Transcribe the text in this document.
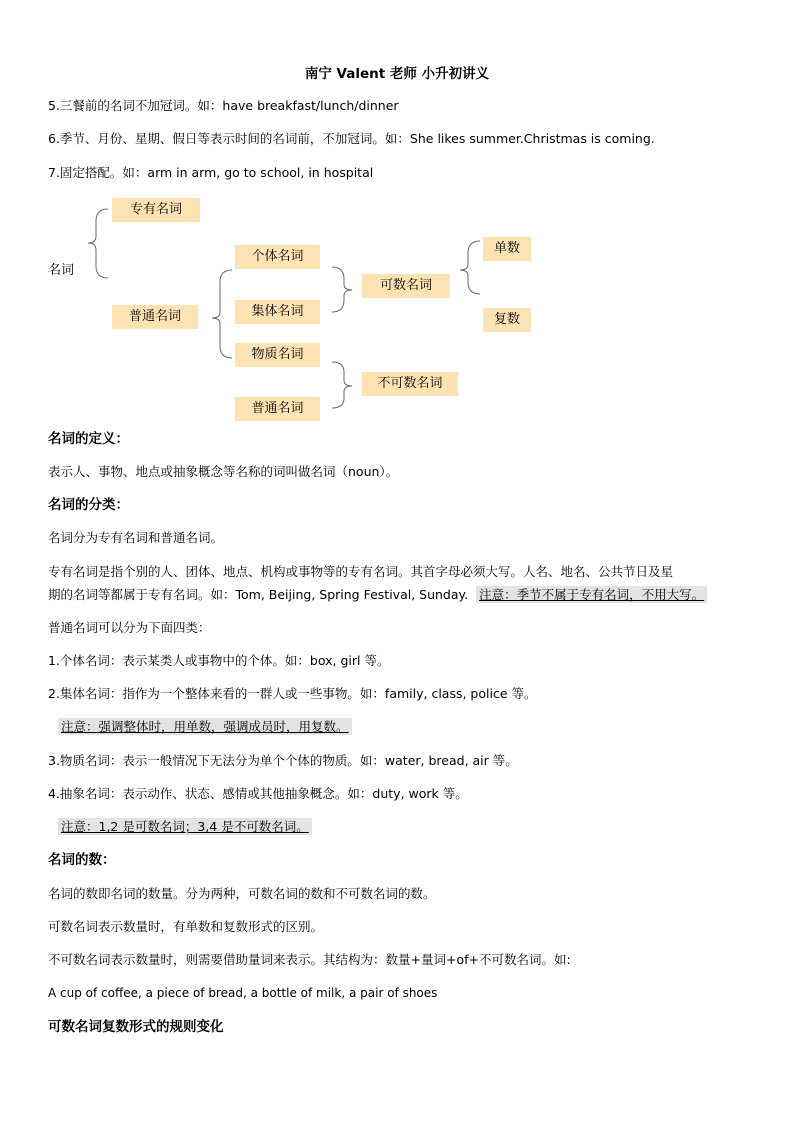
南宁 Valent 老师 小升初讲义
5.三餐前的名词不加冠词。如：have breakfast/lunch/dinner
6.季节、月份、星期、假日等表示时间的名词前，不加冠词。如：She likes summer.Christmas is coming.
7.固定搭配。如：arm in arm, go to school, in hospital
名词
专有名词
普通名词
个体名词
集体名词
物质名词
普通名词
可数名词
不可数名词
单数
复数
名词的定义：
表示人、事物、地点或抽象概念等名称的词叫做名词（noun）。
名词的分类：
名词分为专有名词和普通名词。
专有名词是指个别的人、团体、地点、机构或事物等的专有名词。其首字母必须大写。人名、地名、公共节日及星
期的名词等都属于专有名词。如：Tom, Beijing, Spring Festival, Sunday. 注意：季节不属于专有名词，不用大写。
普通名词可以分为下面四类：
1.个体名词：表示某类人或事物中的个体。如：box, girl 等。
2.集体名词：指作为一个整体来看的一群人或一些事物。如：family, class, police 等。
注意：强调整体时，用单数，强调成员时，用复数。
3.物质名词：表示一般情况下无法分为单个个体的物质。如：water, bread, air 等。
4.抽象名词：表示动作、状态、感情或其他抽象概念。如：duty, work 等。
注意：1,2 是可数名词；3,4 是不可数名词。
名词的数：
名词的数即名词的数量。分为两种，可数名词的数和不可数名词的数。
可数名词表示数量时，有单数和复数形式的区别。
不可数名词表示数量时，则需要借助量词来表示。其结构为：数量+量词+of+不可数名词。如:
A cup of coffee, a piece of bread, a bottle of milk, a pair of shoes
可数名词复数形式的规则变化
